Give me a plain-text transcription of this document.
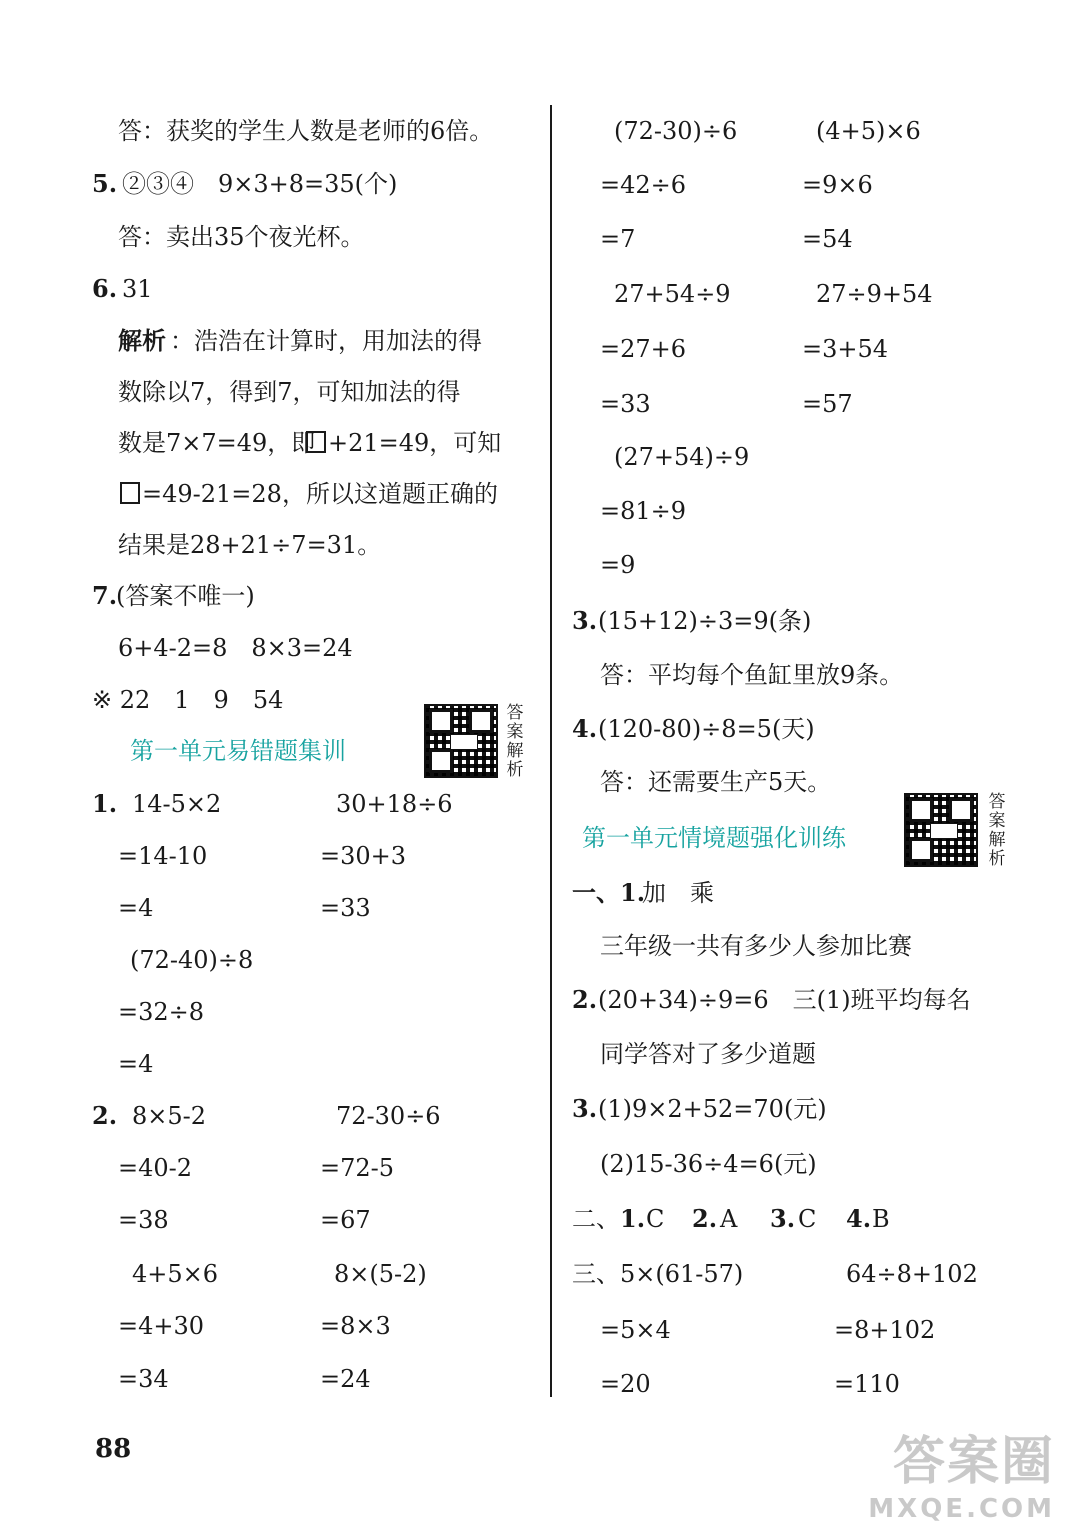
答：获奖的学生人数是老师的6倍。
5. ②③④　9×3+8=35(个)
答：卖出35个夜光杯。
6. 31
解析 ：浩浩在计算时，用加法的得
数除以7，得到7，可知加法的得
数是7×7=49，即 +21=49，可知
=49-21=28，所以这道题正确的
结果是28+21÷7=31。
7.
(答案不唯一)
6+4-2=8　8×3=24
※ 22　1　9　54
第一单元易错题集训
答案解析
1. 14-5×2
=14-10
=4
30+18÷6
=30+3
=33
(72-40)÷8
=32÷8
=4
2. 8×5-2
=40-2
=38
72-30÷6
=72-5
=67
4+5×6
=4+30
=34
8×(5-2)
=8×3
=24
(72-30)÷6
=42÷6
=7
(4+5)×6
=9×6
=54
27+54÷9
=27+6
=33
27÷9+54
=3+54
=57
(27+54)÷9
=81÷9
=9
3. (15+12)÷3=9(条)
答：平均每个鱼缸里放9条。
4. (120-80)÷8=5(天)
答：还需要生产5天。
第一单元情境题强化训练
答案解析
一、1.
加　乘
三年级一共有多少人参加比赛
2. (20+34)÷9=6　三(1)班平均每名
同学答对了多少道题
3. (1)9×2+52=70(元)
(2)15-36÷4=6(元)
二、 1. C 2. A 3. C 4. B
三、5×(61-57)
=5×4
=20
64÷8+102
=8+102
=110
88	答案圈
MXQE.COM
